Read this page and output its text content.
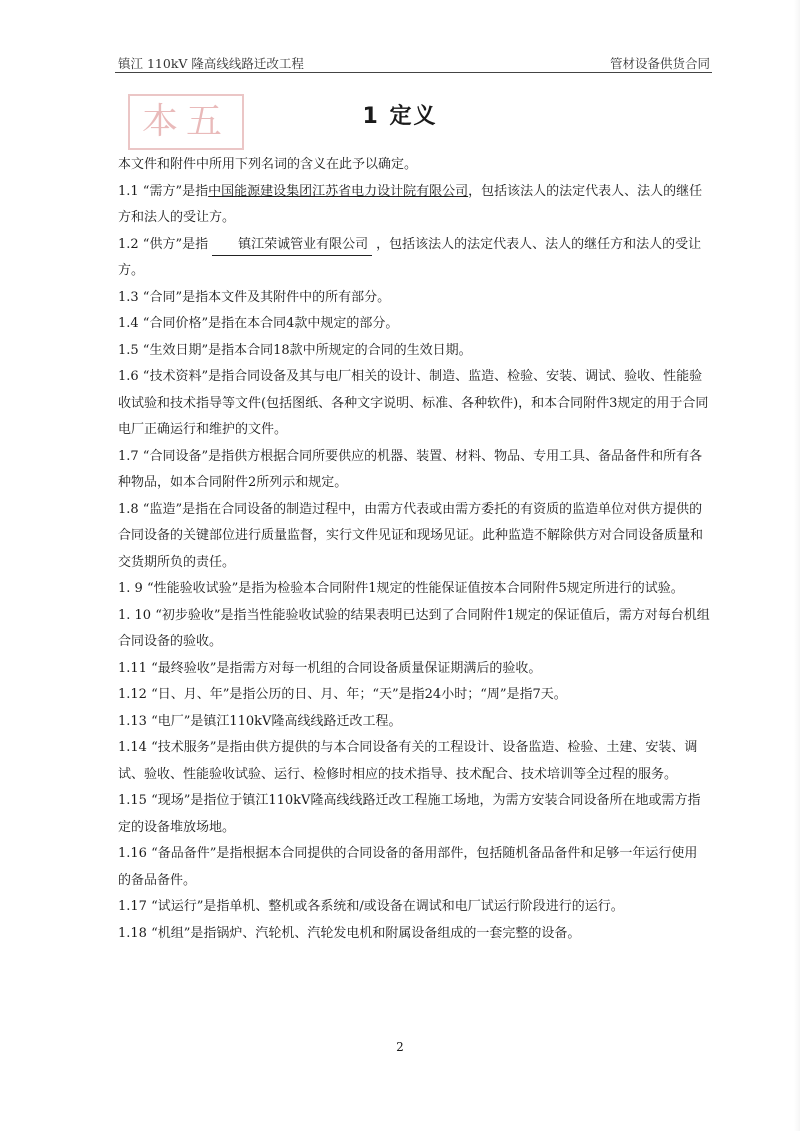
镇江 110kV 隆高线线路迁改工程	管材设备供货合同
本五	1 定义

本文件和附件中所用下列名词的含义在此予以确定。

1.1 “需方”是指中国能源建设集团江苏省电力设计院有限公司，包括该法人的法定代表人、法人的继任方和法人的受让方。

1.2 “供方”是指 镇江荣诚管业有限公司 ，包括该法人的法定代表人、法人的继任方和法人的受让方。

1.3 “合同”是指本文件及其附件中的所有部分。

1.4 “合同价格”是指在本合同4款中规定的部分。

1.5 “生效日期”是指本合同18款中所规定的合同的生效日期。

1.6 “技术资料”是指合同设备及其与电厂相关的设计、制造、监造、检验、安装、调试、验收、性能验收试验和技术指导等文件(包括图纸、各种文字说明、标准、各种软件)，和本合同附件3规定的用于合同电厂正确运行和维护的文件。

1.7 “合同设备”是指供方根据合同所要供应的机器、装置、材料、物品、专用工具、备品备件和所有各种物品，如本合同附件2所列示和规定。

1.8 “监造”是指在合同设备的制造过程中，由需方代表或由需方委托的有资质的监造单位对供方提供的合同设备的关键部位进行质量监督，实行文件见证和现场见证。此种监造不解除供方对合同设备质量和交货期所负的责任。

1. 9 “性能验收试验”是指为检验本合同附件1规定的性能保证值按本合同附件5规定所进行的试验。

1. 10 “初步验收”是指当性能验收试验的结果表明已达到了合同附件1规定的保证值后，需方对每台机组合同设备的验收。

1.11 “最终验收”是指需方对每一机组的合同设备质量保证期满后的验收。

1.12 “日、月、年”是指公历的日、月、年；“天”是指24小时；“周”是指7天。

1.13 “电厂”是镇江110kV隆高线线路迁改工程。

1.14 “技术服务”是指由供方提供的与本合同设备有关的工程设计、设备监造、检验、土建、安装、调试、验收、性能验收试验、运行、检修时相应的技术指导、技术配合、技术培训等全过程的服务。

1.15 “现场”是指位于镇江110kV隆高线线路迁改工程施工场地，为需方安装合同设备所在地或需方指定的设备堆放场地。

1.16 “备品备件”是指根据本合同提供的合同设备的备用部件，包括随机备品备件和足够一年运行使用的备品备件。

1.17 “试运行”是指单机、整机或各系统和/或设备在调试和电厂试运行阶段进行的运行。

1.18 “机组”是指锅炉、汽轮机、汽轮发电机和附属设备组成的一套完整的设备。

2
